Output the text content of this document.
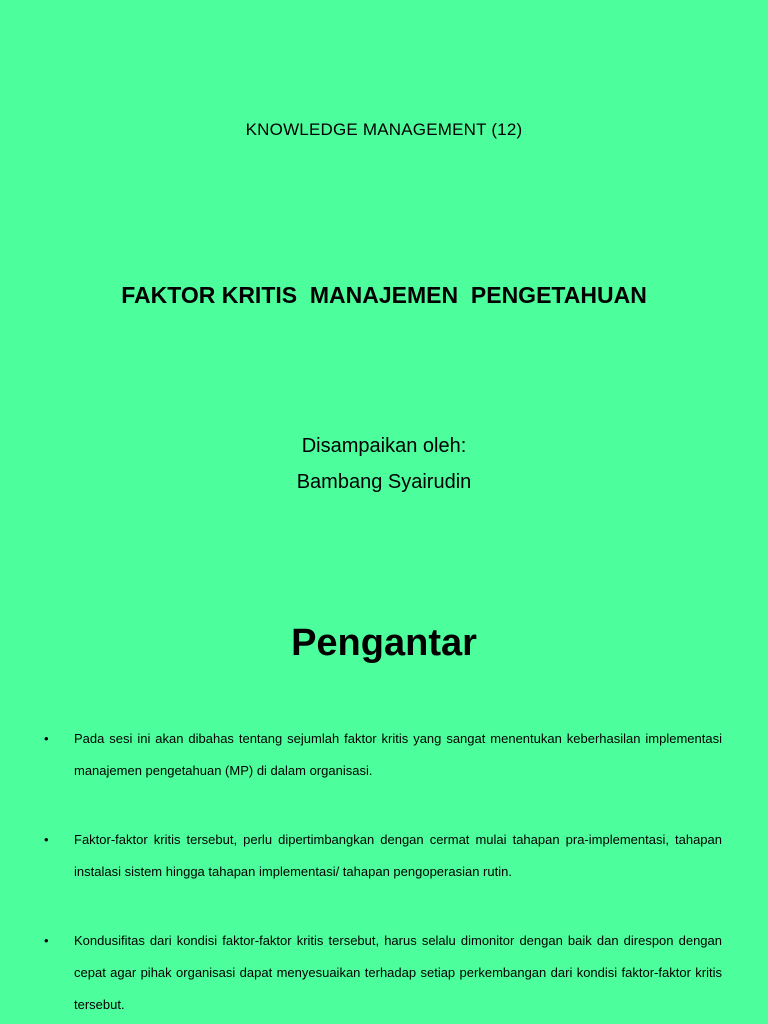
KNOWLEDGE MANAGEMENT (12)
FAKTOR KRITIS  MANAJEMEN  PENGETAHUAN
Disampaikan oleh:
Bambang Syairudin
Pengantar
• Pada sesi ini akan dibahas tentang sejumlah faktor kritis yang sangat menentukan keberhasilan implementasi manajemen pengetahuan (MP) di dalam organisasi.
• Faktor-faktor kritis tersebut, perlu dipertimbangkan dengan cermat mulai tahapan pra-implementasi, tahapan instalasi sistem hingga tahapan implementasi/ tahapan pengoperasian rutin.
• Kondusifitas dari kondisi faktor-faktor kritis tersebut, harus selalu dimonitor dengan baik dan direspon dengan cepat agar pihak organisasi dapat menyesuaikan terhadap setiap perkembangan dari kondisi faktor-faktor kritis tersebut.
